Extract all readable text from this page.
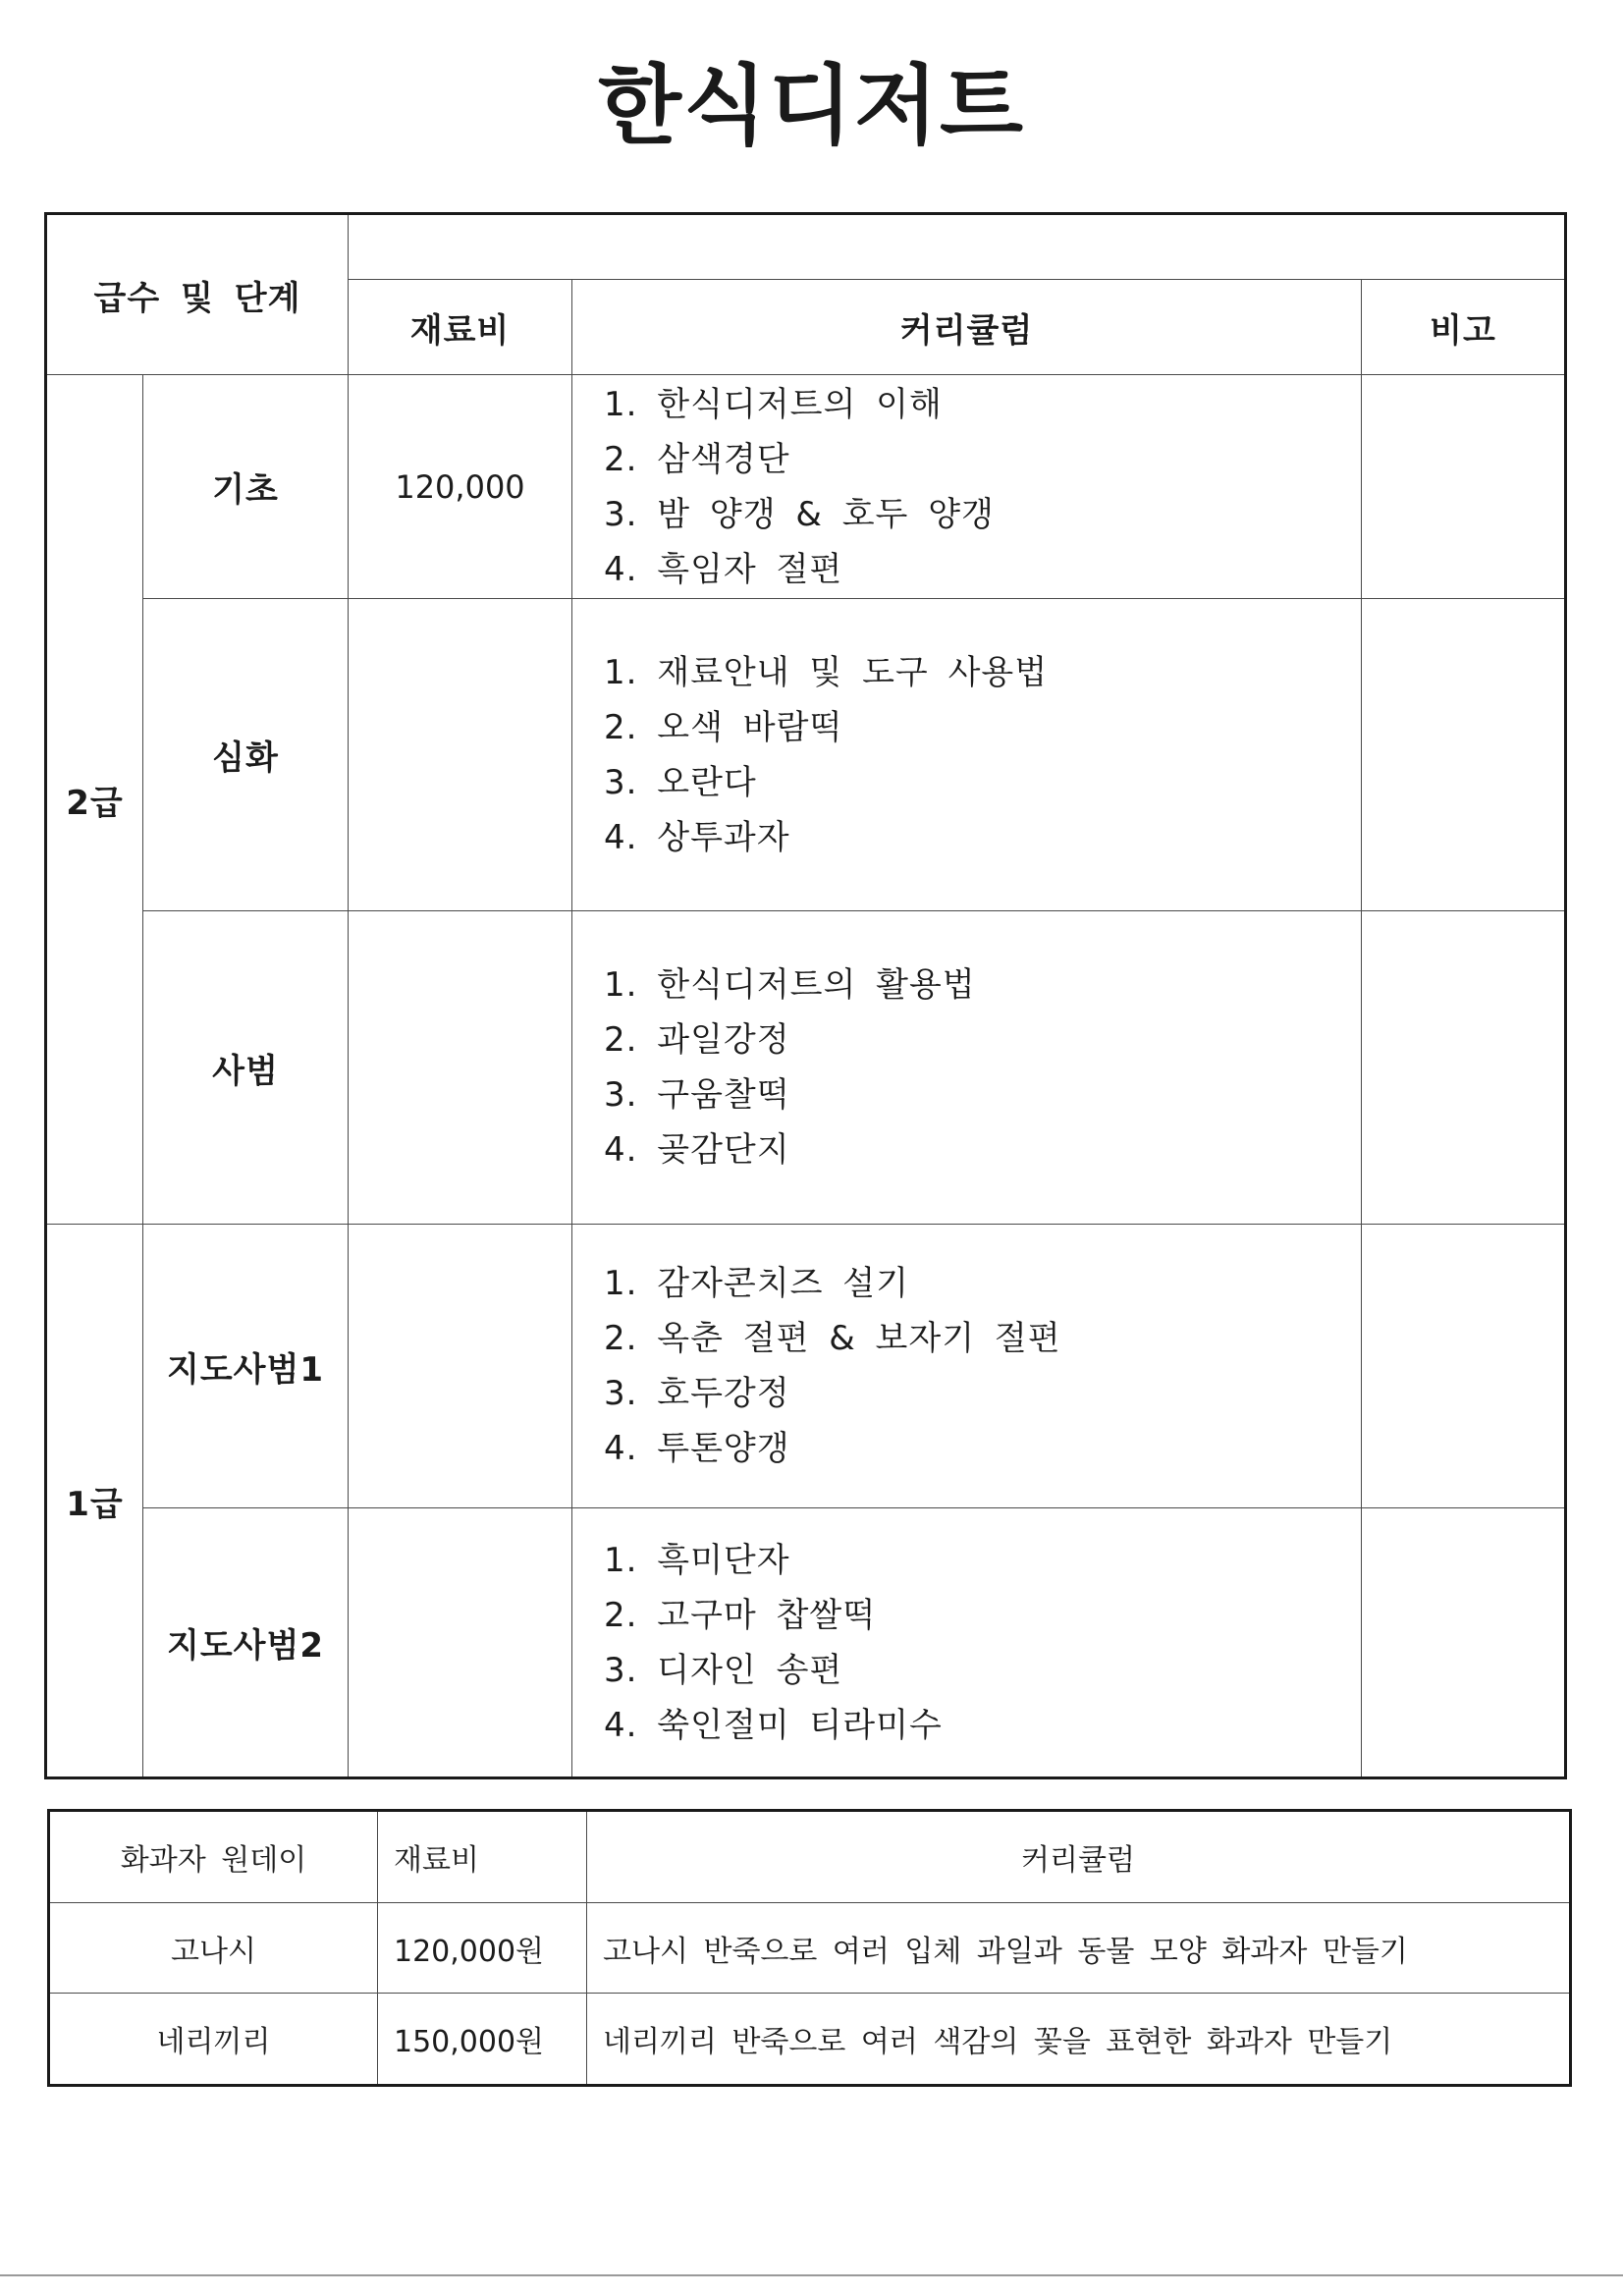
한식디저트
급수 및 단계				
		재료비	커리큘럼	비고
2급	기초	120,000	1. 한식디저트의 이해
2. 삼색경단
3. 밤 양갱 & 호두 양갱
4. 흑임자 절편	

	심화		1. 재료안내 및 도구 사용법
2. 오색 바람떡
3. 오란다
4. 상투과자	

	사범		1. 한식디저트의 활용법
2. 과일강정
3. 구움찰떡
4. 곶감단지	

1급	지도사범1		1. 감자콘치즈 설기
2. 옥춘 절편 & 보자기 절편
3. 호두강정
4. 투톤양갱	

	지도사범2		1. 흑미단자
2. 고구마 찹쌀떡
3. 디자인 송편
4. 쑥인절미 티라미수	

화과자 원데이	재료비	커리큘럼
고나시	120,000원	고나시 반죽으로 여러 입체 과일과 동물 모양 화과자 만들기
네리끼리	150,000원	네리끼리 반죽으로 여러 색감의 꽃을 표현한 화과자 만들기
